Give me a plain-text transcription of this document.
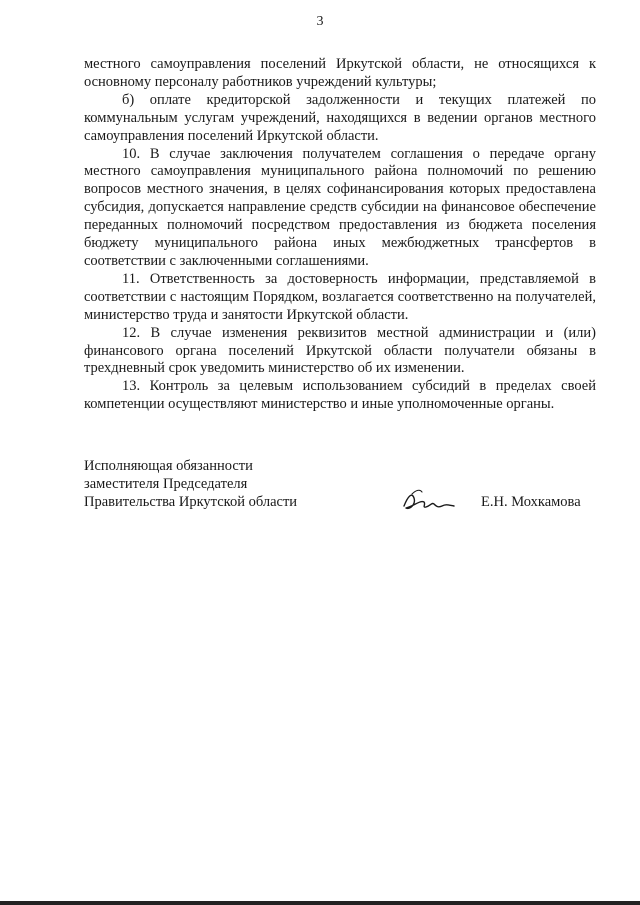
3

местного самоуправления поселений Иркутской области, не относящихся к основному персоналу работников учреждений культуры;

б) оплате кредиторской задолженности и текущих платежей по коммунальным услугам учреждений, находящихся в ведении органов местного самоуправления поселений Иркутской области.

10. В случае заключения получателем соглашения о передаче органу местного самоуправления муниципального района полномочий по решению вопросов местного значения, в целях софинансирования которых предоставлена субсидия, допускается направление средств субсидии на финансовое обеспечение переданных полномочий посредством предоставления из бюджета поселения бюджету муниципального района иных межбюджетных трансфертов в соответствии с заключенными соглашениями.

11. Ответственность за достоверность информации, представляемой в соответствии с настоящим Порядком, возлагается соответственно на получателей, министерство труда и занятости Иркутской области.

12. В случае изменения реквизитов местной администрации и (или) финансового органа поселений Иркутской области получатели обязаны в трехдневный срок уведомить министерство об их изменении.

13. Контроль за целевым использованием субсидий в пределах своей компетенции осуществляют министерство и иные уполномоченные органы.

Исполняющая обязанности
заместителя Председателя
Правительства Иркутской области	Е.Н. Мохкамова
